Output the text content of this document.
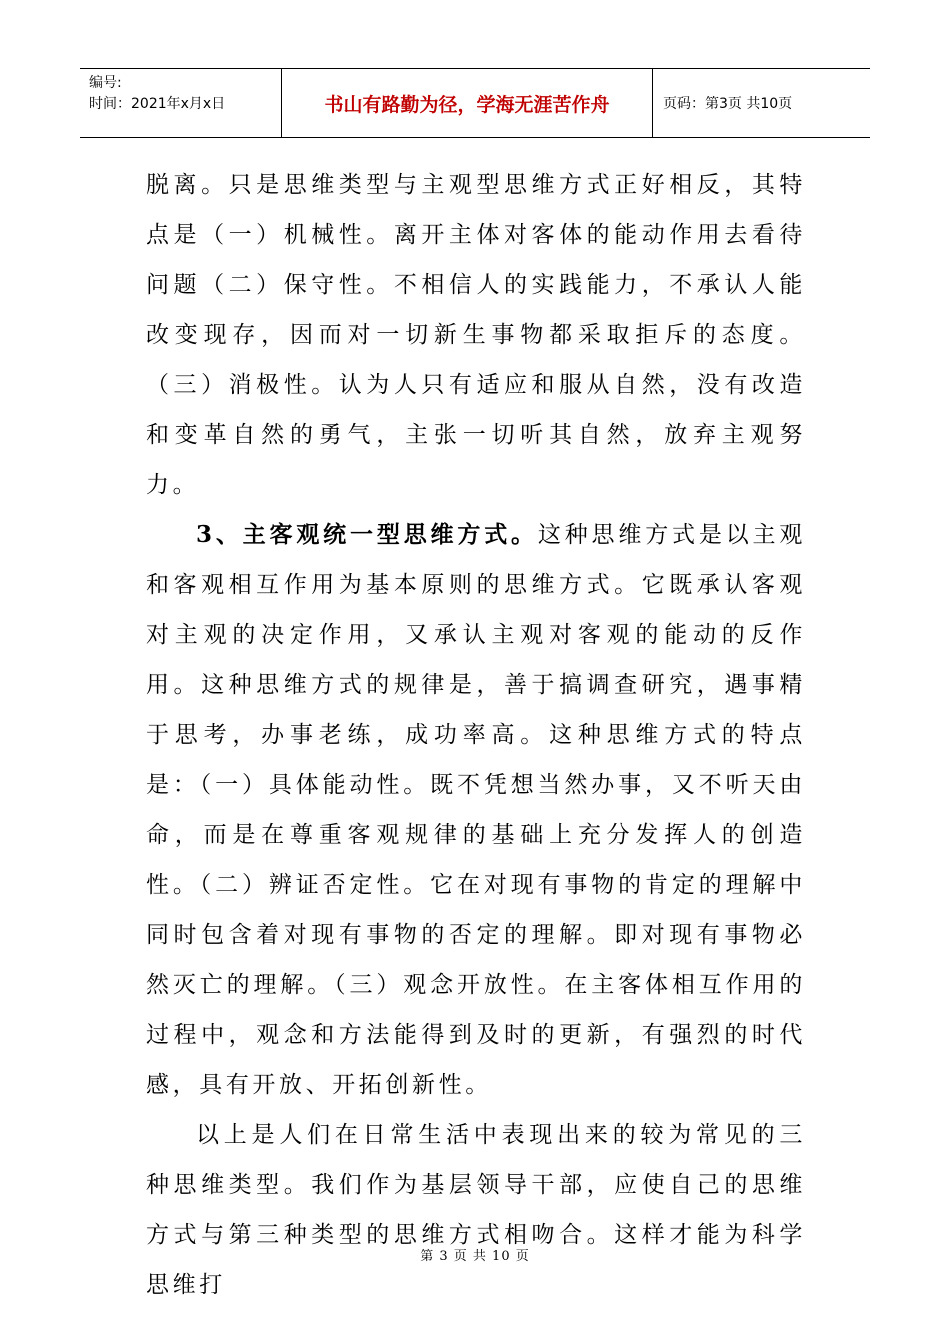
编号:
时间：2021年x月x日	书山有路勤为径，学海无涯苦作舟	页码：第3页 共10页

脱离。只是思维类型与主观型思维方式正好相反，其特点是（一）机械性。离开主体对客体的能动作用去看待问题（二）保守性。不相信人的实践能力，不承认人能改变现存，因而对一切新生事物都采取拒斥的态度。（三）消极性。认为人只有适应和服从自然，没有改造和变革自然的勇气，主张一切听其自然，放弃主观努力。

3、主客观统一型思维方式。这种思维方式是以主观和客观相互作用为基本原则的思维方式。它既承认客观对主观的决定作用，又承认主观对客观的能动的反作用。这种思维方式的规律是，善于搞调查研究，遇事精于思考，办事老练，成功率高。这种思维方式的特点是：（一）具体能动性。既不凭想当然办事，又不听天由命，而是在尊重客观规律的基础上充分发挥人的创造性。（二）辨证否定性。它在对现有事物的肯定的理解中同时包含着对现有事物的否定的理解。即对现有事物必然灭亡的理解。（三）观念开放性。在主客体相互作用的过程中，观念和方法能得到及时的更新，有强烈的时代感，具有开放、开拓创新性。

以上是人们在日常生活中表现出来的较为常见的三种思维类型。我们作为基层领导干部，应使自己的思维方式与第三种类型的思维方式相吻合。这样才能为科学思维打

第 3 页 共 10 页
